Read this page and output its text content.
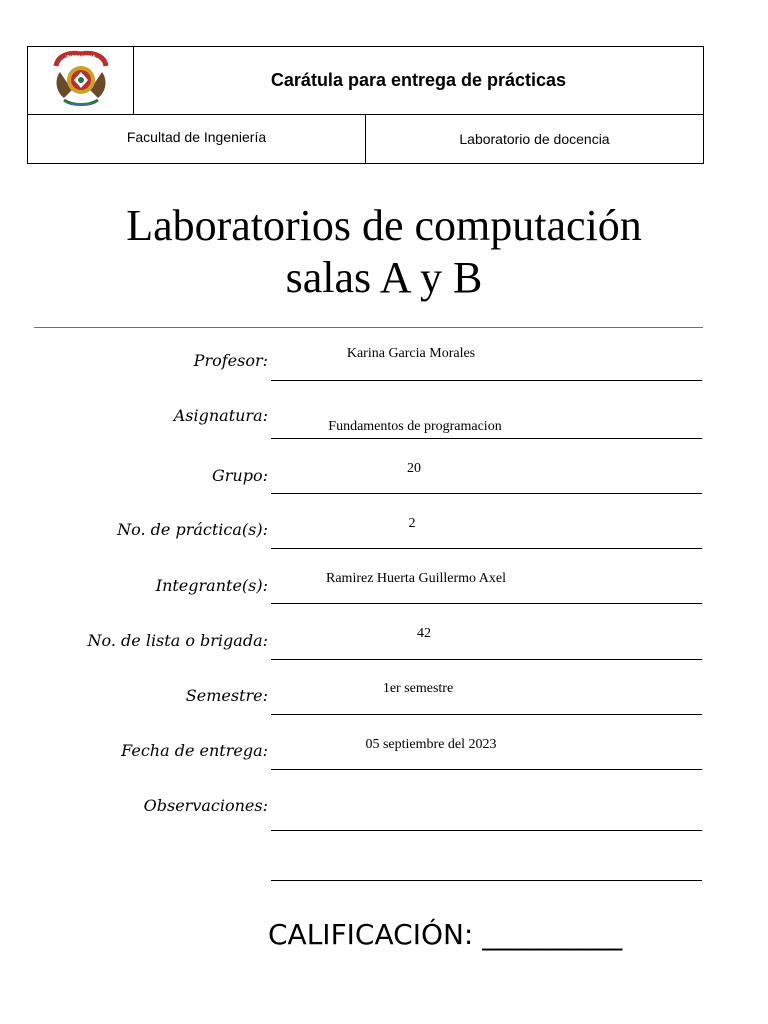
INGENIERIA
Carátula para entrega de prácticas
Facultad de Ingeniería	Laboratorio de docencia
Laboratorios de computación
salas A y B
Profesor:	Karina Garcia Morales
Asignatura:
Fundamentos de programacion
Grupo:	20
No. de práctica(s):	2
Integrante(s):	Ramirez Huerta Guillermo Axel
No. de lista o brigada:	42
Semestre:	1er semestre
Fecha de entrega:	05 septiembre del 2023
Observaciones:
CALIFICACIÓN: __________
